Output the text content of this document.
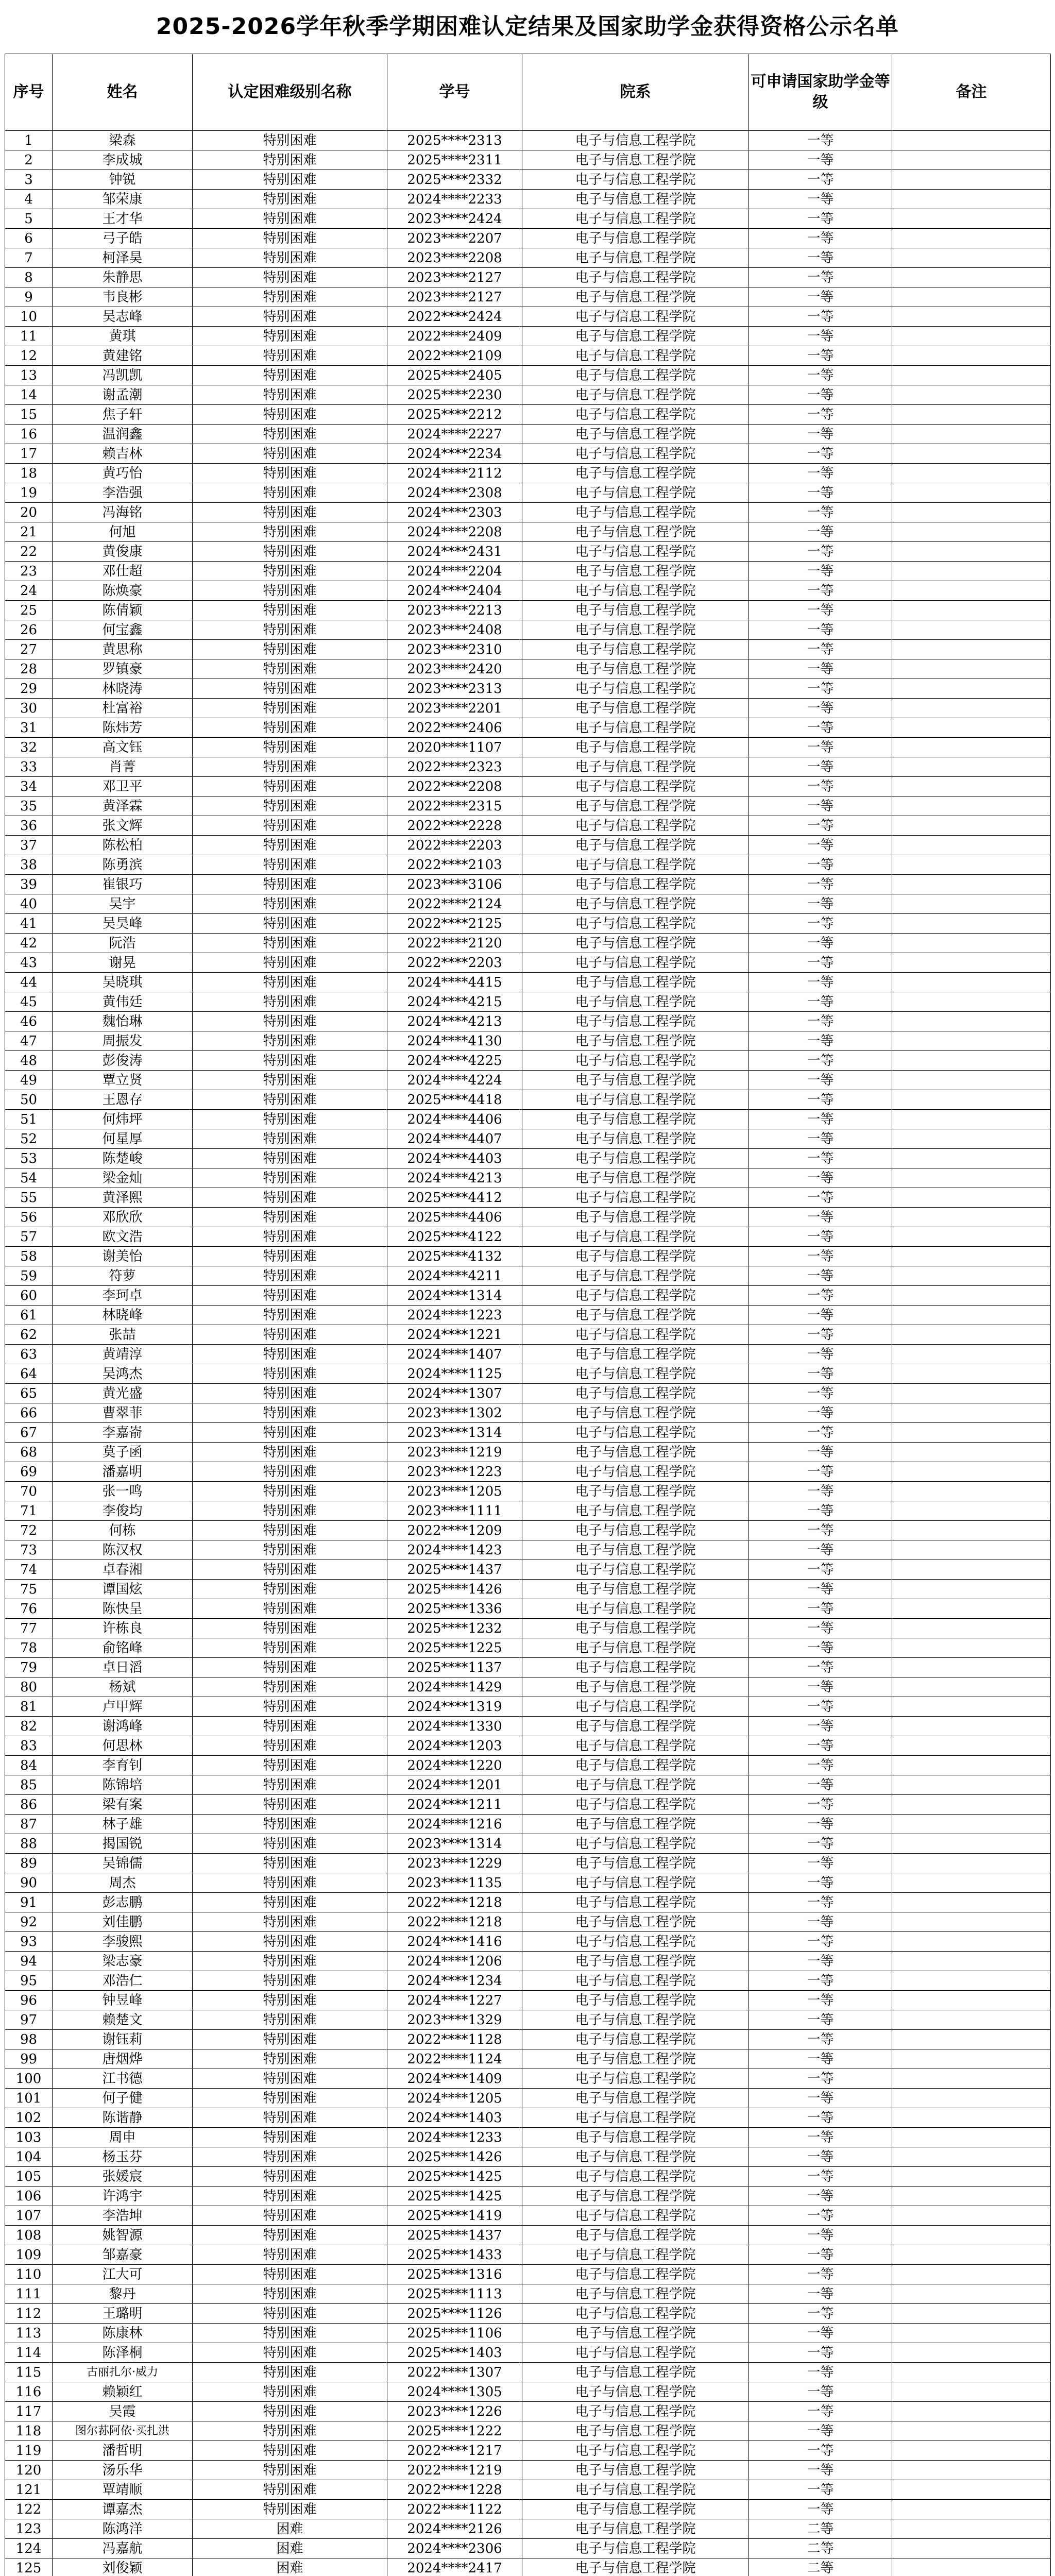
2025-2026学年秋季学期困难认定结果及国家助学金获得资格公示名单
序号	姓名	认定困难级别名称	学号	院系	可申请国家助学金等级	备注
1	梁森	特别困难	2025****2313	电子与信息工程学院	一等	
2	李成城	特别困难	2025****2311	电子与信息工程学院	一等	
3	钟锐	特别困难	2025****2332	电子与信息工程学院	一等	
4	邹荣康	特别困难	2024****2233	电子与信息工程学院	一等	
5	王才华	特别困难	2023****2424	电子与信息工程学院	一等	
6	弓子皓	特别困难	2023****2207	电子与信息工程学院	一等	
7	柯泽昊	特别困难	2023****2208	电子与信息工程学院	一等	
8	朱静思	特别困难	2023****2127	电子与信息工程学院	一等	
9	韦良彬	特别困难	2023****2127	电子与信息工程学院	一等	
10	吴志峰	特别困难	2022****2424	电子与信息工程学院	一等	
11	黄琪	特别困难	2022****2409	电子与信息工程学院	一等	
12	黄建铭	特别困难	2022****2109	电子与信息工程学院	一等	
13	冯凯凯	特别困难	2025****2405	电子与信息工程学院	一等	
14	谢孟潮	特别困难	2025****2230	电子与信息工程学院	一等	
15	焦子轩	特别困难	2025****2212	电子与信息工程学院	一等	
16	温润鑫	特别困难	2024****2227	电子与信息工程学院	一等	
17	赖吉林	特别困难	2024****2234	电子与信息工程学院	一等	
18	黄巧怡	特别困难	2024****2112	电子与信息工程学院	一等	
19	李浩强	特别困难	2024****2308	电子与信息工程学院	一等	
20	冯海铭	特别困难	2024****2303	电子与信息工程学院	一等	
21	何旭	特别困难	2024****2208	电子与信息工程学院	一等	
22	黄俊康	特别困难	2024****2431	电子与信息工程学院	一等	
23	邓仕超	特别困难	2024****2204	电子与信息工程学院	一等	
24	陈焕豪	特别困难	2024****2404	电子与信息工程学院	一等	
25	陈倩颖	特别困难	2023****2213	电子与信息工程学院	一等	
26	何宝鑫	特别困难	2023****2408	电子与信息工程学院	一等	
27	黄思称	特别困难	2023****2310	电子与信息工程学院	一等	
28	罗镇豪	特别困难	2023****2420	电子与信息工程学院	一等	
29	林晓涛	特别困难	2023****2313	电子与信息工程学院	一等	
30	杜富裕	特别困难	2023****2201	电子与信息工程学院	一等	
31	陈炜芳	特别困难	2022****2406	电子与信息工程学院	一等	
32	高文钰	特别困难	2020****1107	电子与信息工程学院	一等	
33	肖菁	特别困难	2022****2323	电子与信息工程学院	一等	
34	邓卫平	特别困难	2022****2208	电子与信息工程学院	一等	
35	黄泽霖	特别困难	2022****2315	电子与信息工程学院	一等	
36	张文辉	特别困难	2022****2228	电子与信息工程学院	一等	
37	陈松柏	特别困难	2022****2203	电子与信息工程学院	一等	
38	陈勇滨	特别困难	2022****2103	电子与信息工程学院	一等	
39	崔银巧	特别困难	2023****3106	电子与信息工程学院	一等	
40	吴宇	特别困难	2022****2124	电子与信息工程学院	一等	
41	吴昊峰	特别困难	2022****2125	电子与信息工程学院	一等	
42	阮浩	特别困难	2022****2120	电子与信息工程学院	一等	
43	谢晃	特别困难	2022****2203	电子与信息工程学院	一等	
44	吴晓琪	特别困难	2024****4415	电子与信息工程学院	一等	
45	黄伟廷	特别困难	2024****4215	电子与信息工程学院	一等	
46	魏怡琳	特别困难	2024****4213	电子与信息工程学院	一等	
47	周振发	特别困难	2024****4130	电子与信息工程学院	一等	
48	彭俊涛	特别困难	2024****4225	电子与信息工程学院	一等	
49	覃立贤	特别困难	2024****4224	电子与信息工程学院	一等	
50	王恩存	特别困难	2025****4418	电子与信息工程学院	一等	
51	何炜坪	特别困难	2024****4406	电子与信息工程学院	一等	
52	何星厚	特别困难	2024****4407	电子与信息工程学院	一等	
53	陈楚峻	特别困难	2024****4403	电子与信息工程学院	一等	
54	梁金灿	特别困难	2024****4213	电子与信息工程学院	一等	
55	黄泽熙	特别困难	2025****4412	电子与信息工程学院	一等	
56	邓欣欣	特别困难	2025****4406	电子与信息工程学院	一等	
57	欧文浩	特别困难	2025****4122	电子与信息工程学院	一等	
58	谢美怡	特别困难	2025****4132	电子与信息工程学院	一等	
59	符萝	特别困难	2024****4211	电子与信息工程学院	一等	
60	李珂卓	特别困难	2024****1314	电子与信息工程学院	一等	
61	林晓峰	特别困难	2024****1223	电子与信息工程学院	一等	
62	张喆	特别困难	2024****1221	电子与信息工程学院	一等	
63	黄靖淳	特别困难	2024****1407	电子与信息工程学院	一等	
64	吴鸿杰	特别困难	2024****1125	电子与信息工程学院	一等	
65	黄光盛	特别困难	2024****1307	电子与信息工程学院	一等	
66	曹翠菲	特别困难	2023****1302	电子与信息工程学院	一等	
67	李嘉嵛	特别困难	2023****1314	电子与信息工程学院	一等	
68	莫子函	特别困难	2023****1219	电子与信息工程学院	一等	
69	潘嘉明	特别困难	2023****1223	电子与信息工程学院	一等	
70	张一鸣	特别困难	2023****1205	电子与信息工程学院	一等	
71	李俊均	特别困难	2023****1111	电子与信息工程学院	一等	
72	何栋	特别困难	2022****1209	电子与信息工程学院	一等	
73	陈汉权	特别困难	2024****1423	电子与信息工程学院	一等	
74	卓春湘	特别困难	2025****1437	电子与信息工程学院	一等	
75	谭国炫	特别困难	2025****1426	电子与信息工程学院	一等	
76	陈快呈	特别困难	2025****1336	电子与信息工程学院	一等	
77	许栋良	特别困难	2025****1232	电子与信息工程学院	一等	
78	俞铭峰	特别困难	2025****1225	电子与信息工程学院	一等	
79	卓日滔	特别困难	2025****1137	电子与信息工程学院	一等	
80	杨斌	特别困难	2024****1429	电子与信息工程学院	一等	
81	卢甲辉	特别困难	2024****1319	电子与信息工程学院	一等	
82	谢鸿峰	特别困难	2024****1330	电子与信息工程学院	一等	
83	何思林	特别困难	2024****1203	电子与信息工程学院	一等	
84	李育钊	特别困难	2024****1220	电子与信息工程学院	一等	
85	陈锦培	特别困难	2024****1201	电子与信息工程学院	一等	
86	梁有案	特别困难	2024****1211	电子与信息工程学院	一等	
87	林子雄	特别困难	2024****1216	电子与信息工程学院	一等	
88	揭国锐	特别困难	2023****1314	电子与信息工程学院	一等	
89	吴锦儒	特别困难	2023****1229	电子与信息工程学院	一等	
90	周杰	特别困难	2023****1135	电子与信息工程学院	一等	
91	彭志鹏	特别困难	2022****1218	电子与信息工程学院	一等	
92	刘佳鹏	特别困难	2022****1218	电子与信息工程学院	一等	
93	李骏熙	特别困难	2024****1416	电子与信息工程学院	一等	
94	梁志豪	特别困难	2024****1206	电子与信息工程学院	一等	
95	邓浩仁	特别困难	2024****1234	电子与信息工程学院	一等	
96	钟昱峰	特别困难	2024****1227	电子与信息工程学院	一等	
97	赖楚文	特别困难	2023****1329	电子与信息工程学院	一等	
98	谢钰莉	特别困难	2022****1128	电子与信息工程学院	一等	
99	唐烟烨	特别困难	2022****1124	电子与信息工程学院	一等	
100	江书德	特别困难	2024****1409	电子与信息工程学院	一等	
101	何子健	特别困难	2024****1205	电子与信息工程学院	一等	
102	陈谐静	特别困难	2024****1403	电子与信息工程学院	一等	
103	周申	特别困难	2024****1233	电子与信息工程学院	一等	
104	杨玉芬	特别困难	2025****1426	电子与信息工程学院	一等	
105	张媛宸	特别困难	2025****1425	电子与信息工程学院	一等	
106	许鸿宇	特别困难	2025****1425	电子与信息工程学院	一等	
107	李浩坤	特别困难	2025****1419	电子与信息工程学院	一等	
108	姚智源	特别困难	2025****1437	电子与信息工程学院	一等	
109	邹嘉豪	特别困难	2025****1433	电子与信息工程学院	一等	
110	江大可	特别困难	2025****1316	电子与信息工程学院	一等	
111	黎丹	特别困难	2025****1113	电子与信息工程学院	一等	
112	王璐明	特别困难	2025****1126	电子与信息工程学院	一等	
113	陈康林	特别困难	2025****1106	电子与信息工程学院	一等	
114	陈泽桐	特别困难	2025****1403	电子与信息工程学院	一等	
115	古丽扎尔·威力	特别困难	2022****1307	电子与信息工程学院	一等	
116	赖颖红	特别困难	2024****1305	电子与信息工程学院	一等	
117	吴霞	特别困难	2023****1226	电子与信息工程学院	一等	
118	图尔荪阿依·买扎洪	特别困难	2025****1222	电子与信息工程学院	一等	
119	潘哲明	特别困难	2022****1217	电子与信息工程学院	一等	
120	汤乐华	特别困难	2022****1219	电子与信息工程学院	一等	
121	覃靖顺	特别困难	2022****1228	电子与信息工程学院	一等	
122	谭嘉杰	特别困难	2022****1122	电子与信息工程学院	一等	
123	陈鸿洋	困难	2024****2126	电子与信息工程学院	二等	
124	冯嘉航	困难	2024****2306	电子与信息工程学院	二等	
125	刘俊颖	困难	2024****2417	电子与信息工程学院	二等	
